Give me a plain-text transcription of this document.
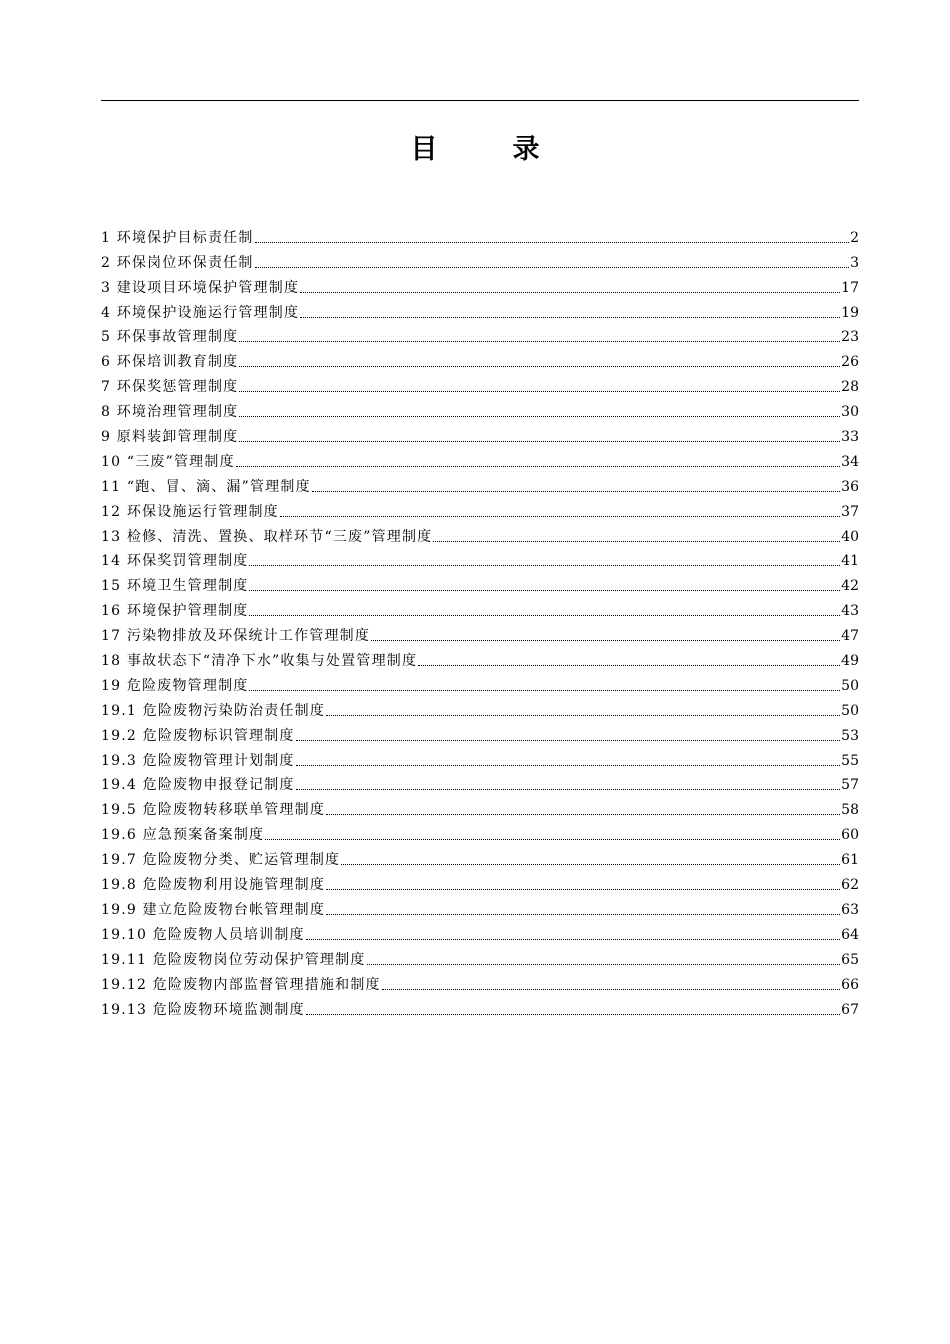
目　录
1 环境保护目标责任制	2
2 环保岗位环保责任制	3
3 建设项目环境保护管理制度	17
4 环境保护设施运行管理制度	19
5 环保事故管理制度	23
6 环保培训教育制度	26
7 环保奖惩管理制度	28
8 环境治理管理制度	30
9 原料装卸管理制度	33
10 “三废”管理制度	34
11 “跑、冒、滴、漏”管理制度	36
12 环保设施运行管理制度	37
13 检修、清洗、置换、取样环节“三废”管理制度	40
14 环保奖罚管理制度	41
15 环境卫生管理制度	42
16 环境保护管理制度	43
17 污染物排放及环保统计工作管理制度	47
18 事故状态下“清净下水”收集与处置管理制度	49
19 危险废物管理制度	50
19.1 危险废物污染防治责任制度	50
19.2 危险废物标识管理制度	53
19.3 危险废物管理计划制度	55
19.4 危险废物申报登记制度	57
19.5 危险废物转移联单管理制度	58
19.6 应急预案备案制度	60
19.7 危险废物分类、贮运管理制度	61
19.8 危险废物利用设施管理制度	62
19.9 建立危险废物台帐管理制度	63
19.10 危险废物人员培训制度	64
19.11 危险废物岗位劳动保护管理制度	65
19.12 危险废物内部监督管理措施和制度	66
19.13 危险废物环境监测制度	67
